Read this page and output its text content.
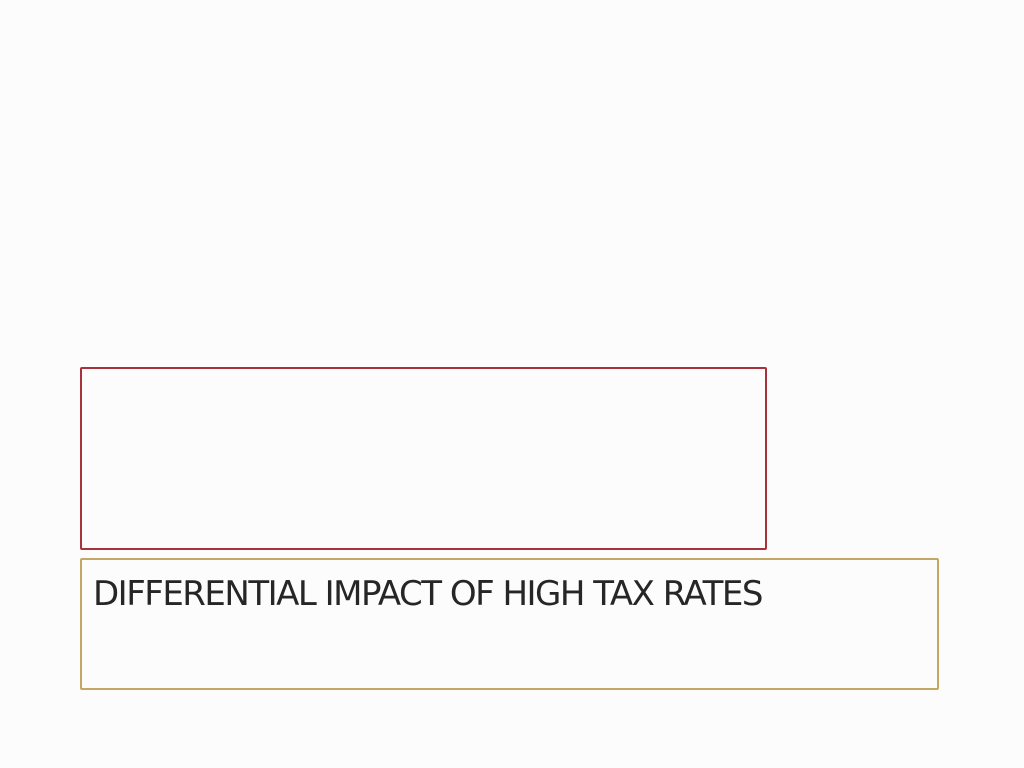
DIFFERENTIAL IMPACT OF HIGH TAX RATES
